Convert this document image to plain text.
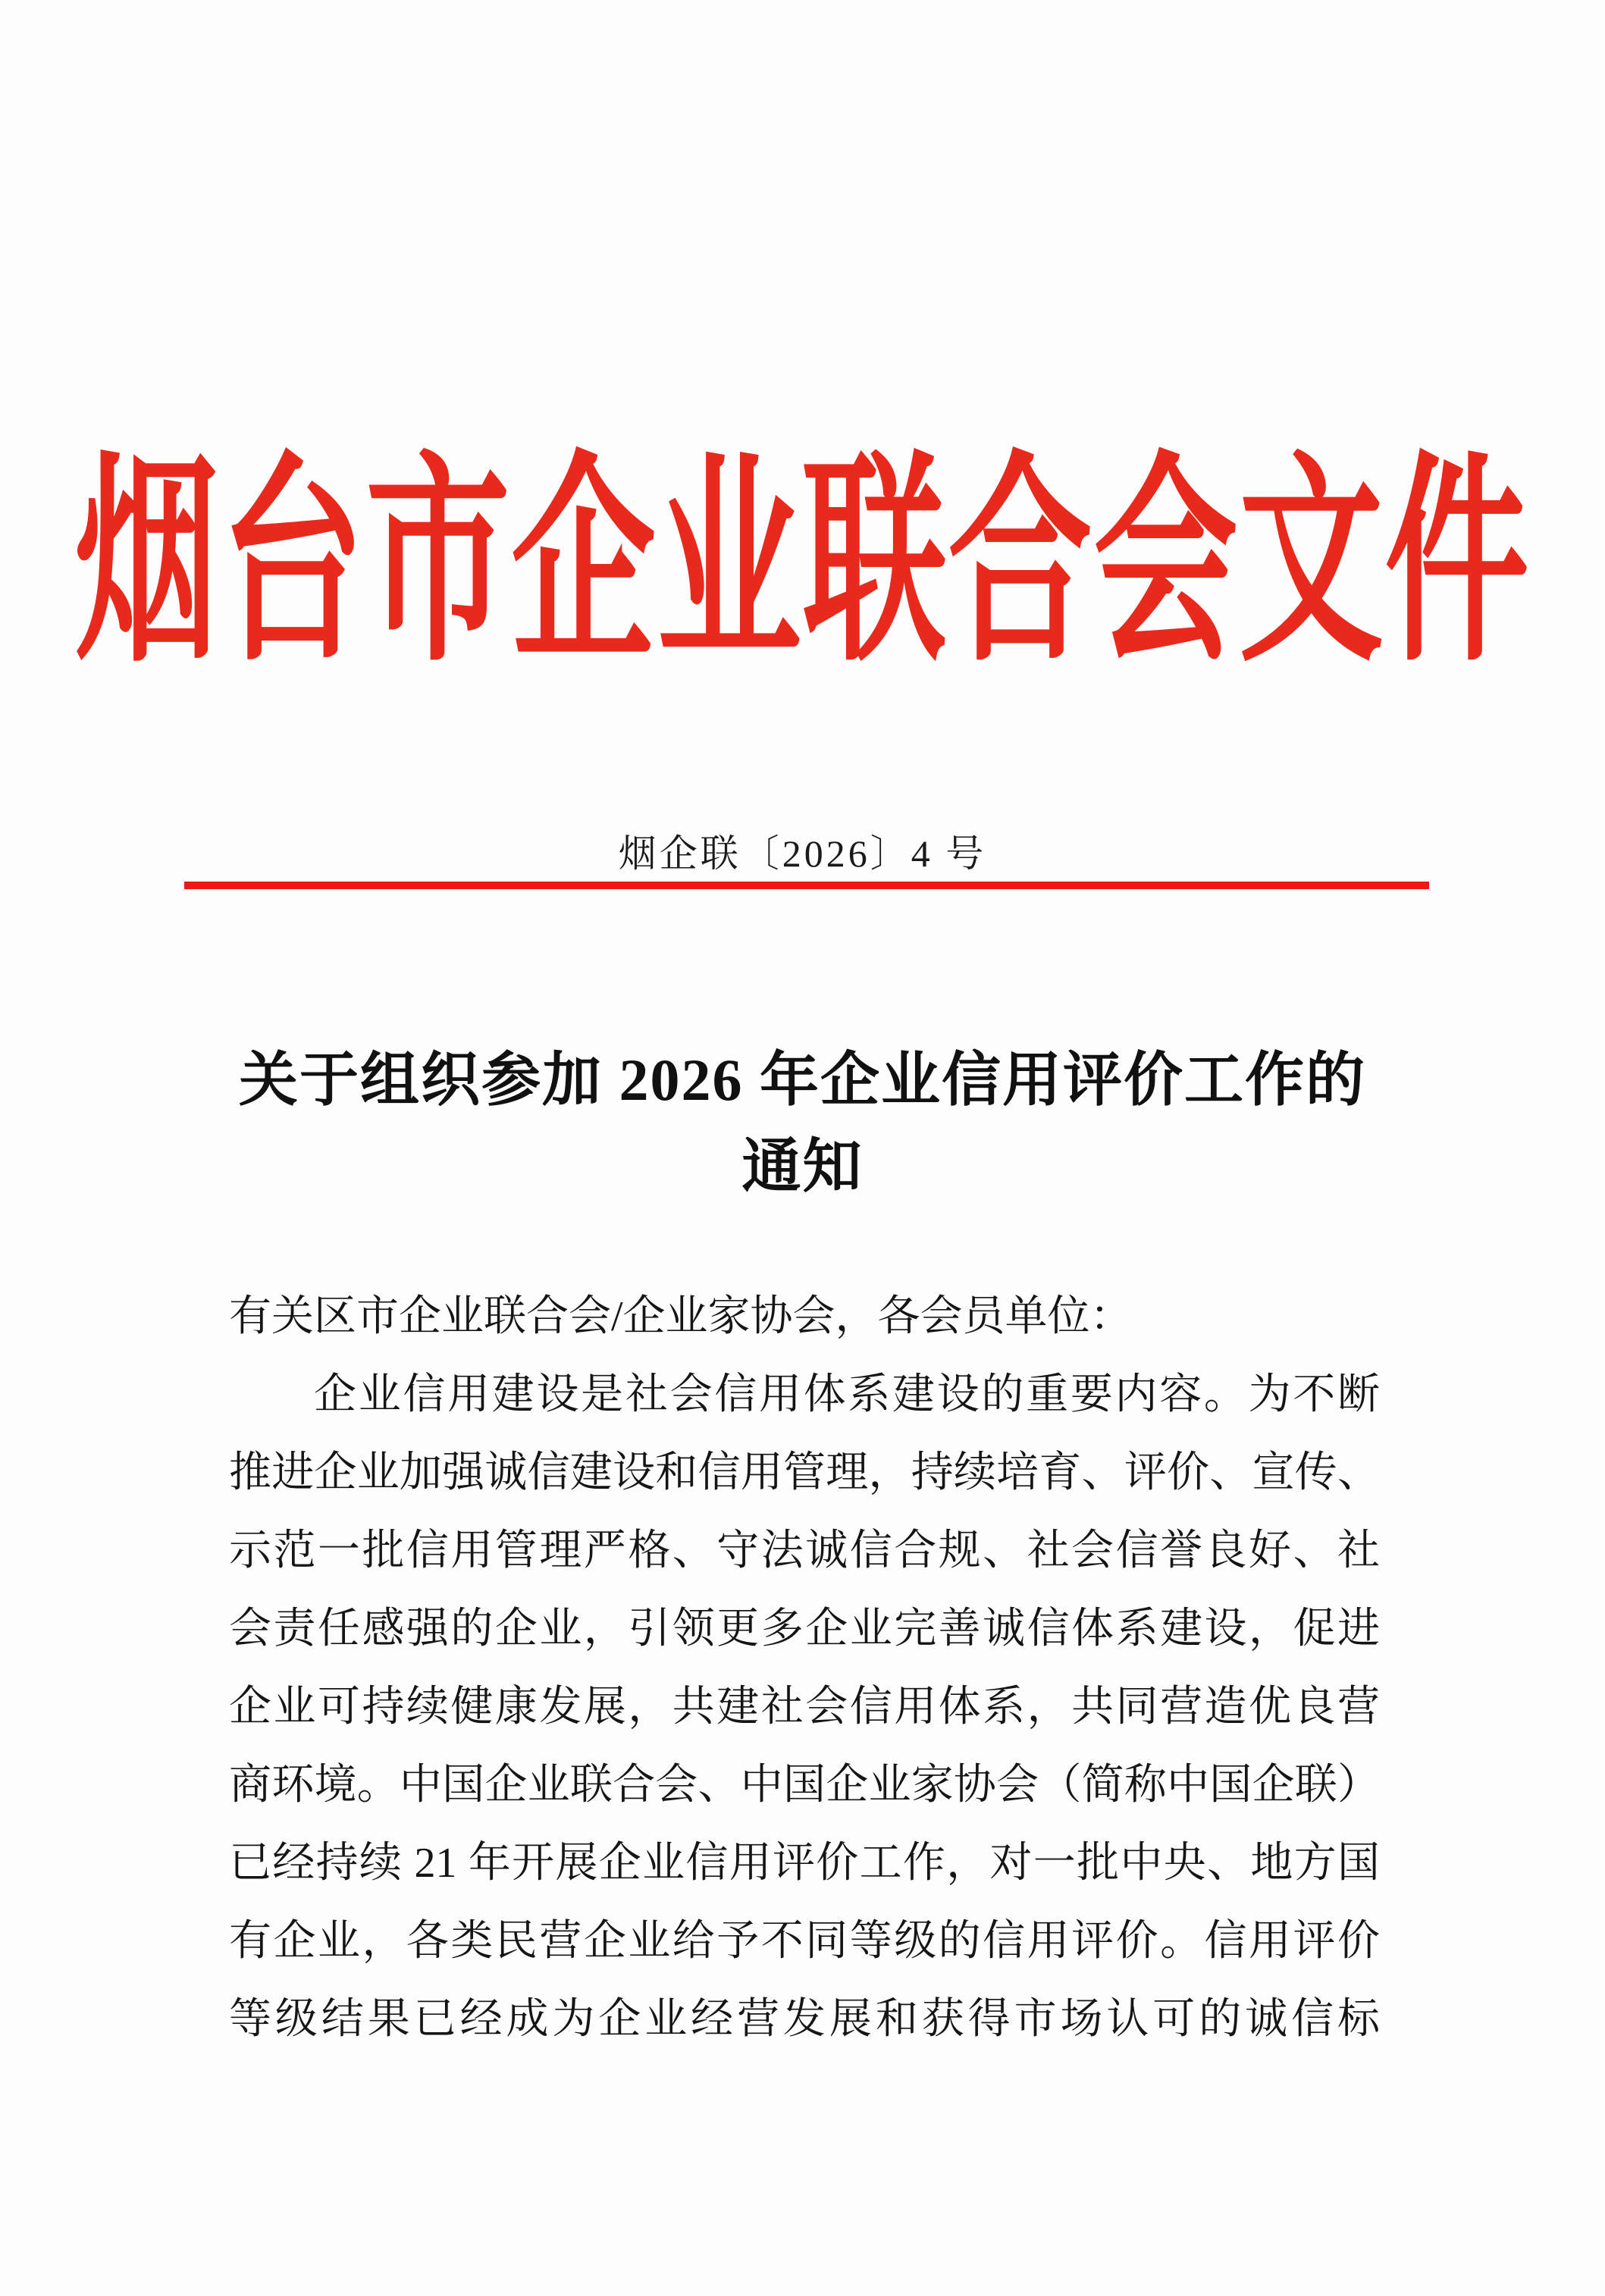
烟台市企业联合会文件
烟企联〔2026〕4 号
关于组织参加 2026 年企业信用评价工作的
通知
有关区市企业联合会/企业家协会，各会员单位：
企业信用建设是社会信用体系建设的重要内容。为不断
推进企业加强诚信建设和信用管理，持续培育、评价、宣传、
示范一批信用管理严格、守法诚信合规、社会信誉良好、社
会责任感强的企业，引领更多企业完善诚信体系建设，促进
企业可持续健康发展，共建社会信用体系，共同营造优良营
商环境。中国企业联合会、中国企业家协会（简称中国企联）
已经持续 21 年开展企业信用评价工作，对一批中央、地方国
有企业，各类民营企业给予不同等级的信用评价。信用评价
等级结果已经成为企业经营发展和获得市场认可的诚信标
